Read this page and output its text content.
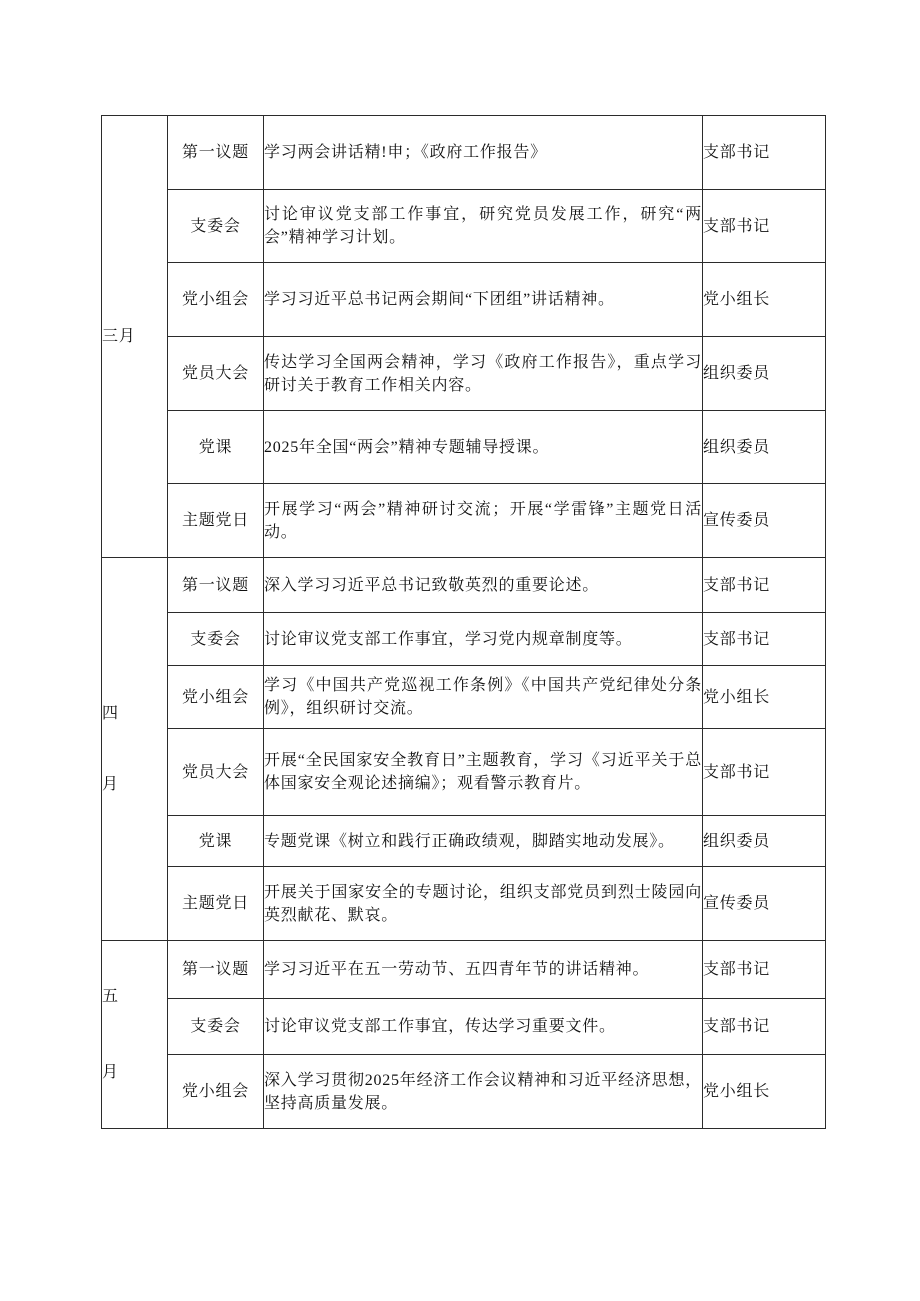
三月	第一议题	学习两会讲话精!申；《政府工作报告》	支部书记
	支委会	讨论审议党支部工作事宜，研究党员发展工作，研究“两会”精神学习计划。	支部书记
	党小组会	学习习近平总书记两会期间“下团组”讲话精神。	党小组长
	党员大会	传达学习全国两会精神，学习《政府工作报告》，重点学习研讨关于教育工作相关内容。	组织委员
	党课	2025年全国“两会”精神专题辅导授课。	组织委员
	主题党日	开展学习“两会”精神研讨交流；开展“学雷锋”主题党日活动。	宣传委员

四
月	第一议题	深入学习习近平总书记致敬英烈的重要论述。	支部书记
	支委会	讨论审议党支部工作事宜，学习党内规章制度等。	支部书记
	党小组会	学习《中国共产党巡视工作条例》《中国共产党纪律处分条例》，组织研讨交流。	党小组长
	党员大会	开展“全民国家安全教育日”主题教育，学习《习近平关于总体国家安全观论述摘编》；观看警示教育片。	支部书记
	党课	专题党课《树立和践行正确政绩观，脚踏实地动发展》。	组织委员
	主题党日	开展关于国家安全的专题讨论，组织支部党员到烈士陵园向英烈献花、默哀。	宣传委员

五
月	第一议题	学习习近平在五一劳动节、五四青年节的讲话精神。	支部书记
	支委会	讨论审议党支部工作事宜，传达学习重要文件。	支部书记
	党小组会	深入学习贯彻2025年经济工作会议精神和习近平经济思想，坚持高质量发展。	党小组长
